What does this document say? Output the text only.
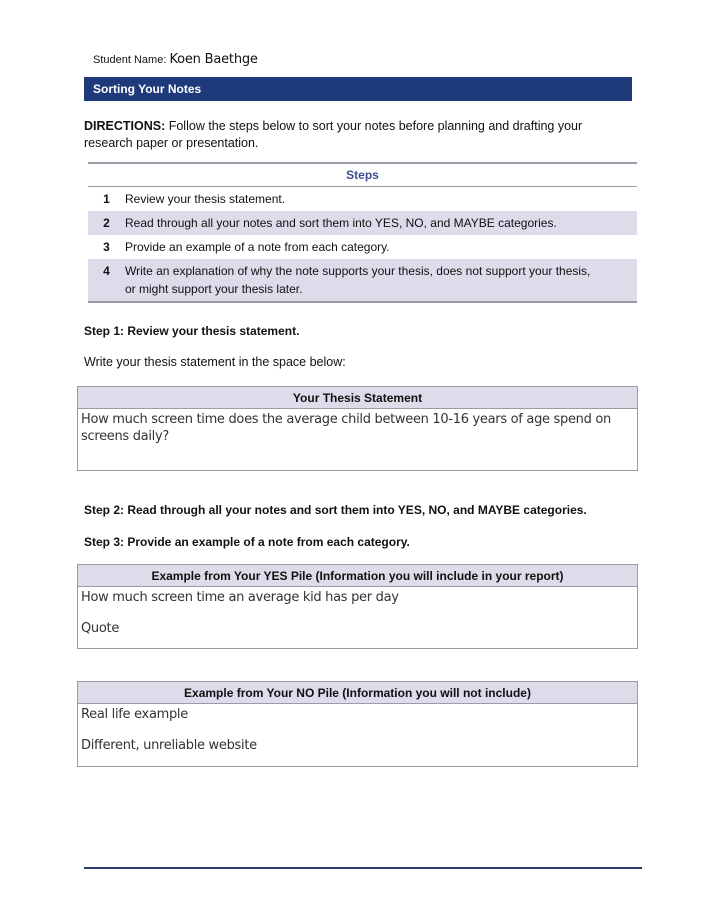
Student Name: Koen Baethge
Sorting Your Notes
DIRECTIONS: Follow the steps below to sort your notes before planning and drafting your research paper or presentation.
Steps	
1	Review your thesis statement.
2	Read through all your notes and sort them into YES, NO, and MAYBE categories.
3	Provide an example of a note from each category.
4	Write an explanation of why the note supports your thesis, does not support your thesis, or might support your thesis later.
Step 1: Review your thesis statement.
Write your thesis statement in the space below:
Your Thesis Statement

How much screen time does the average child between 10-16 years of age spend on screens daily?

Step 2: Read through all your notes and sort them into YES, NO, and MAYBE categories.
Step 3: Provide an example of a note from each category.
Example from Your YES Pile (Information you will include in your report)

How much screen time an average kid has per day

Quote

Example from Your NO Pile (Information you will not include)

Real life example

Different, unreliable website
